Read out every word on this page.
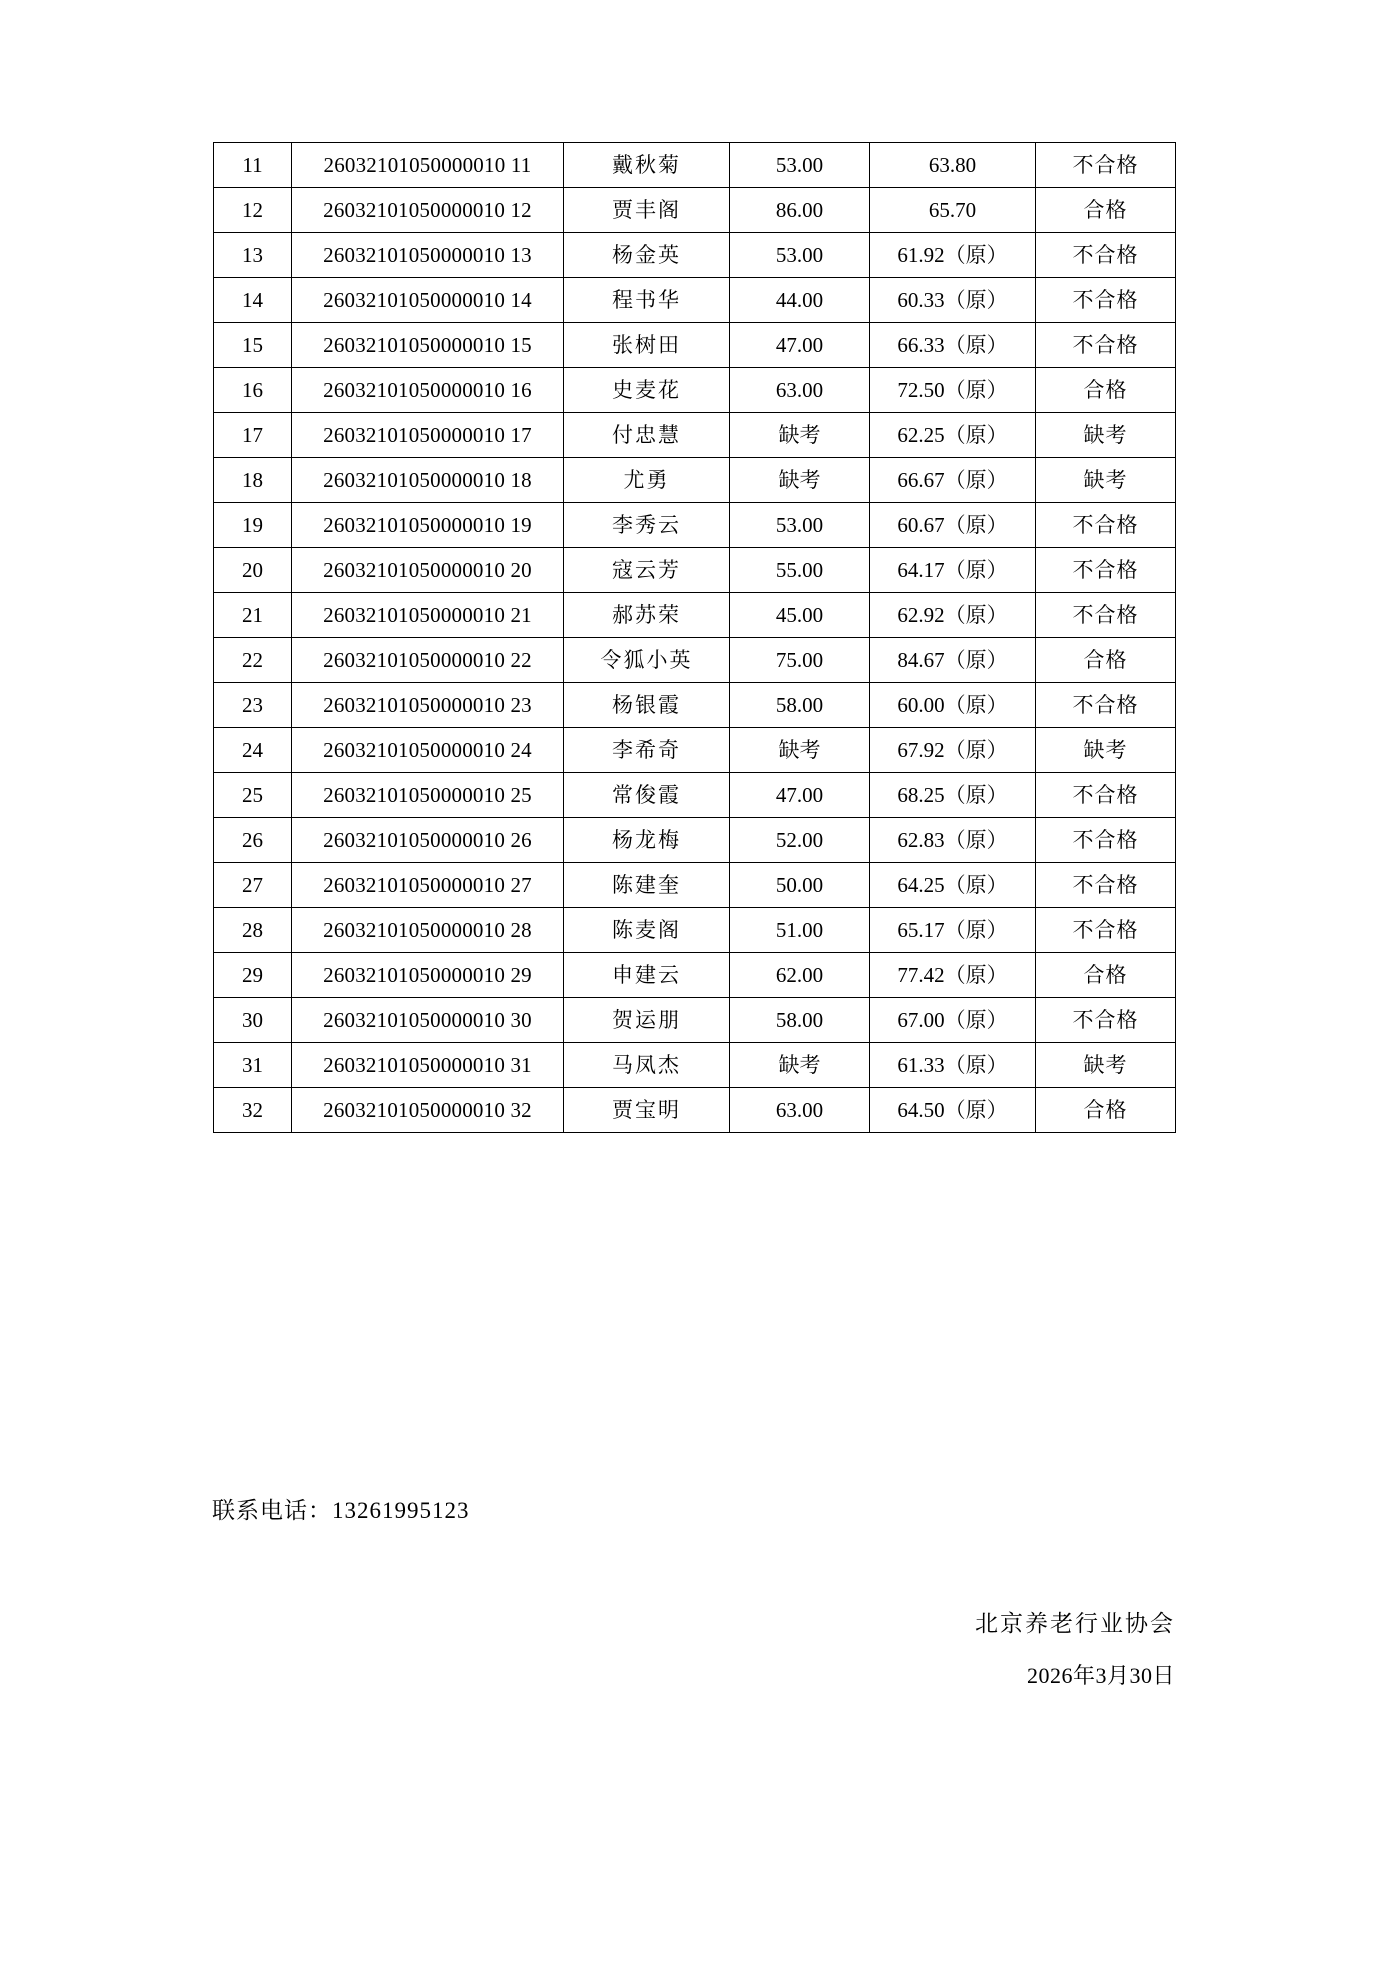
11	26032101050000010 11	戴秋菊	53.00	63.80	不合格
12	26032101050000010 12	贾丰阁	86.00	65.70	合格
13	26032101050000010 13	杨金英	53.00	61.92（原）	不合格
14	26032101050000010 14	程书华	44.00	60.33（原）	不合格
15	26032101050000010 15	张树田	47.00	66.33（原）	不合格
16	26032101050000010 16	史麦花	63.00	72.50（原）	合格
17	26032101050000010 17	付忠慧	缺考	62.25（原）	缺考
18	26032101050000010 18	尤勇	缺考	66.67（原）	缺考
19	26032101050000010 19	李秀云	53.00	60.67（原）	不合格
20	26032101050000010 20	寇云芳	55.00	64.17（原）	不合格
21	26032101050000010 21	郝苏荣	45.00	62.92（原）	不合格
22	26032101050000010 22	令狐小英	75.00	84.67（原）	合格
23	26032101050000010 23	杨银霞	58.00	60.00（原）	不合格
24	26032101050000010 24	李希奇	缺考	67.92（原）	缺考
25	26032101050000010 25	常俊霞	47.00	68.25（原）	不合格
26	26032101050000010 26	杨龙梅	52.00	62.83（原）	不合格
27	26032101050000010 27	陈建奎	50.00	64.25（原）	不合格
28	26032101050000010 28	陈麦阁	51.00	65.17（原）	不合格
29	26032101050000010 29	申建云	62.00	77.42（原）	合格
30	26032101050000010 30	贺运朋	58.00	67.00（原）	不合格
31	26032101050000010 31	马凤杰	缺考	61.33（原）	缺考
32	26032101050000010 32	贾宝明	63.00	64.50（原）	合格
联系电话：13261995123
北京养老行业协会
2026年3月30日
